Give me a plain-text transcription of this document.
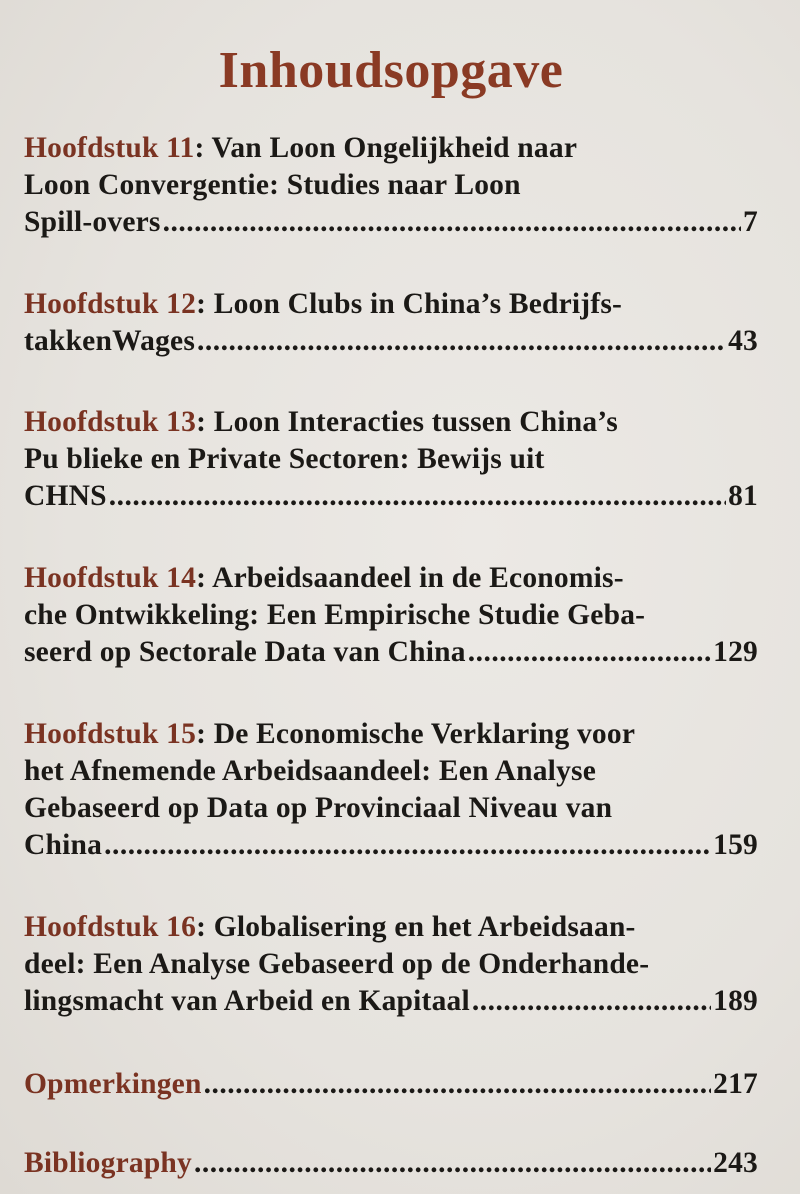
Inhoudsopgave
Hoofdstuk 11: Van Loon Ongelijkheid naar
Loon Convergentie: Studies naar Loon
Spill-overs .....	7
Hoofdstuk 12: Loon Clubs in China’s Bedrijfs-
takkenWages .....	43
Hoofdstuk 13: Loon Interacties tussen China’s
Pu blieke en Private Sectoren: Bewijs uit
CHNS .....	81
Hoofdstuk 14: Arbeidsaandeel in de Economis-
che Ontwikkeling: Een Empirische Studie Geba-
seerd op Sectorale Data van China .....	129
Hoofdstuk 15: De Economische Verklaring voor
het Afnemende Arbeidsaandeel: Een Analyse
Gebaseerd op Data op Provinciaal Niveau van
China .....	159
Hoofdstuk 16: Globalisering en het Arbeidsaan-
deel: Een Analyse Gebaseerd op de Onderhande-
lingsmacht van Arbeid en Kapitaal .....	189
Opmerkingen .....	217
Bibliography .....	243
